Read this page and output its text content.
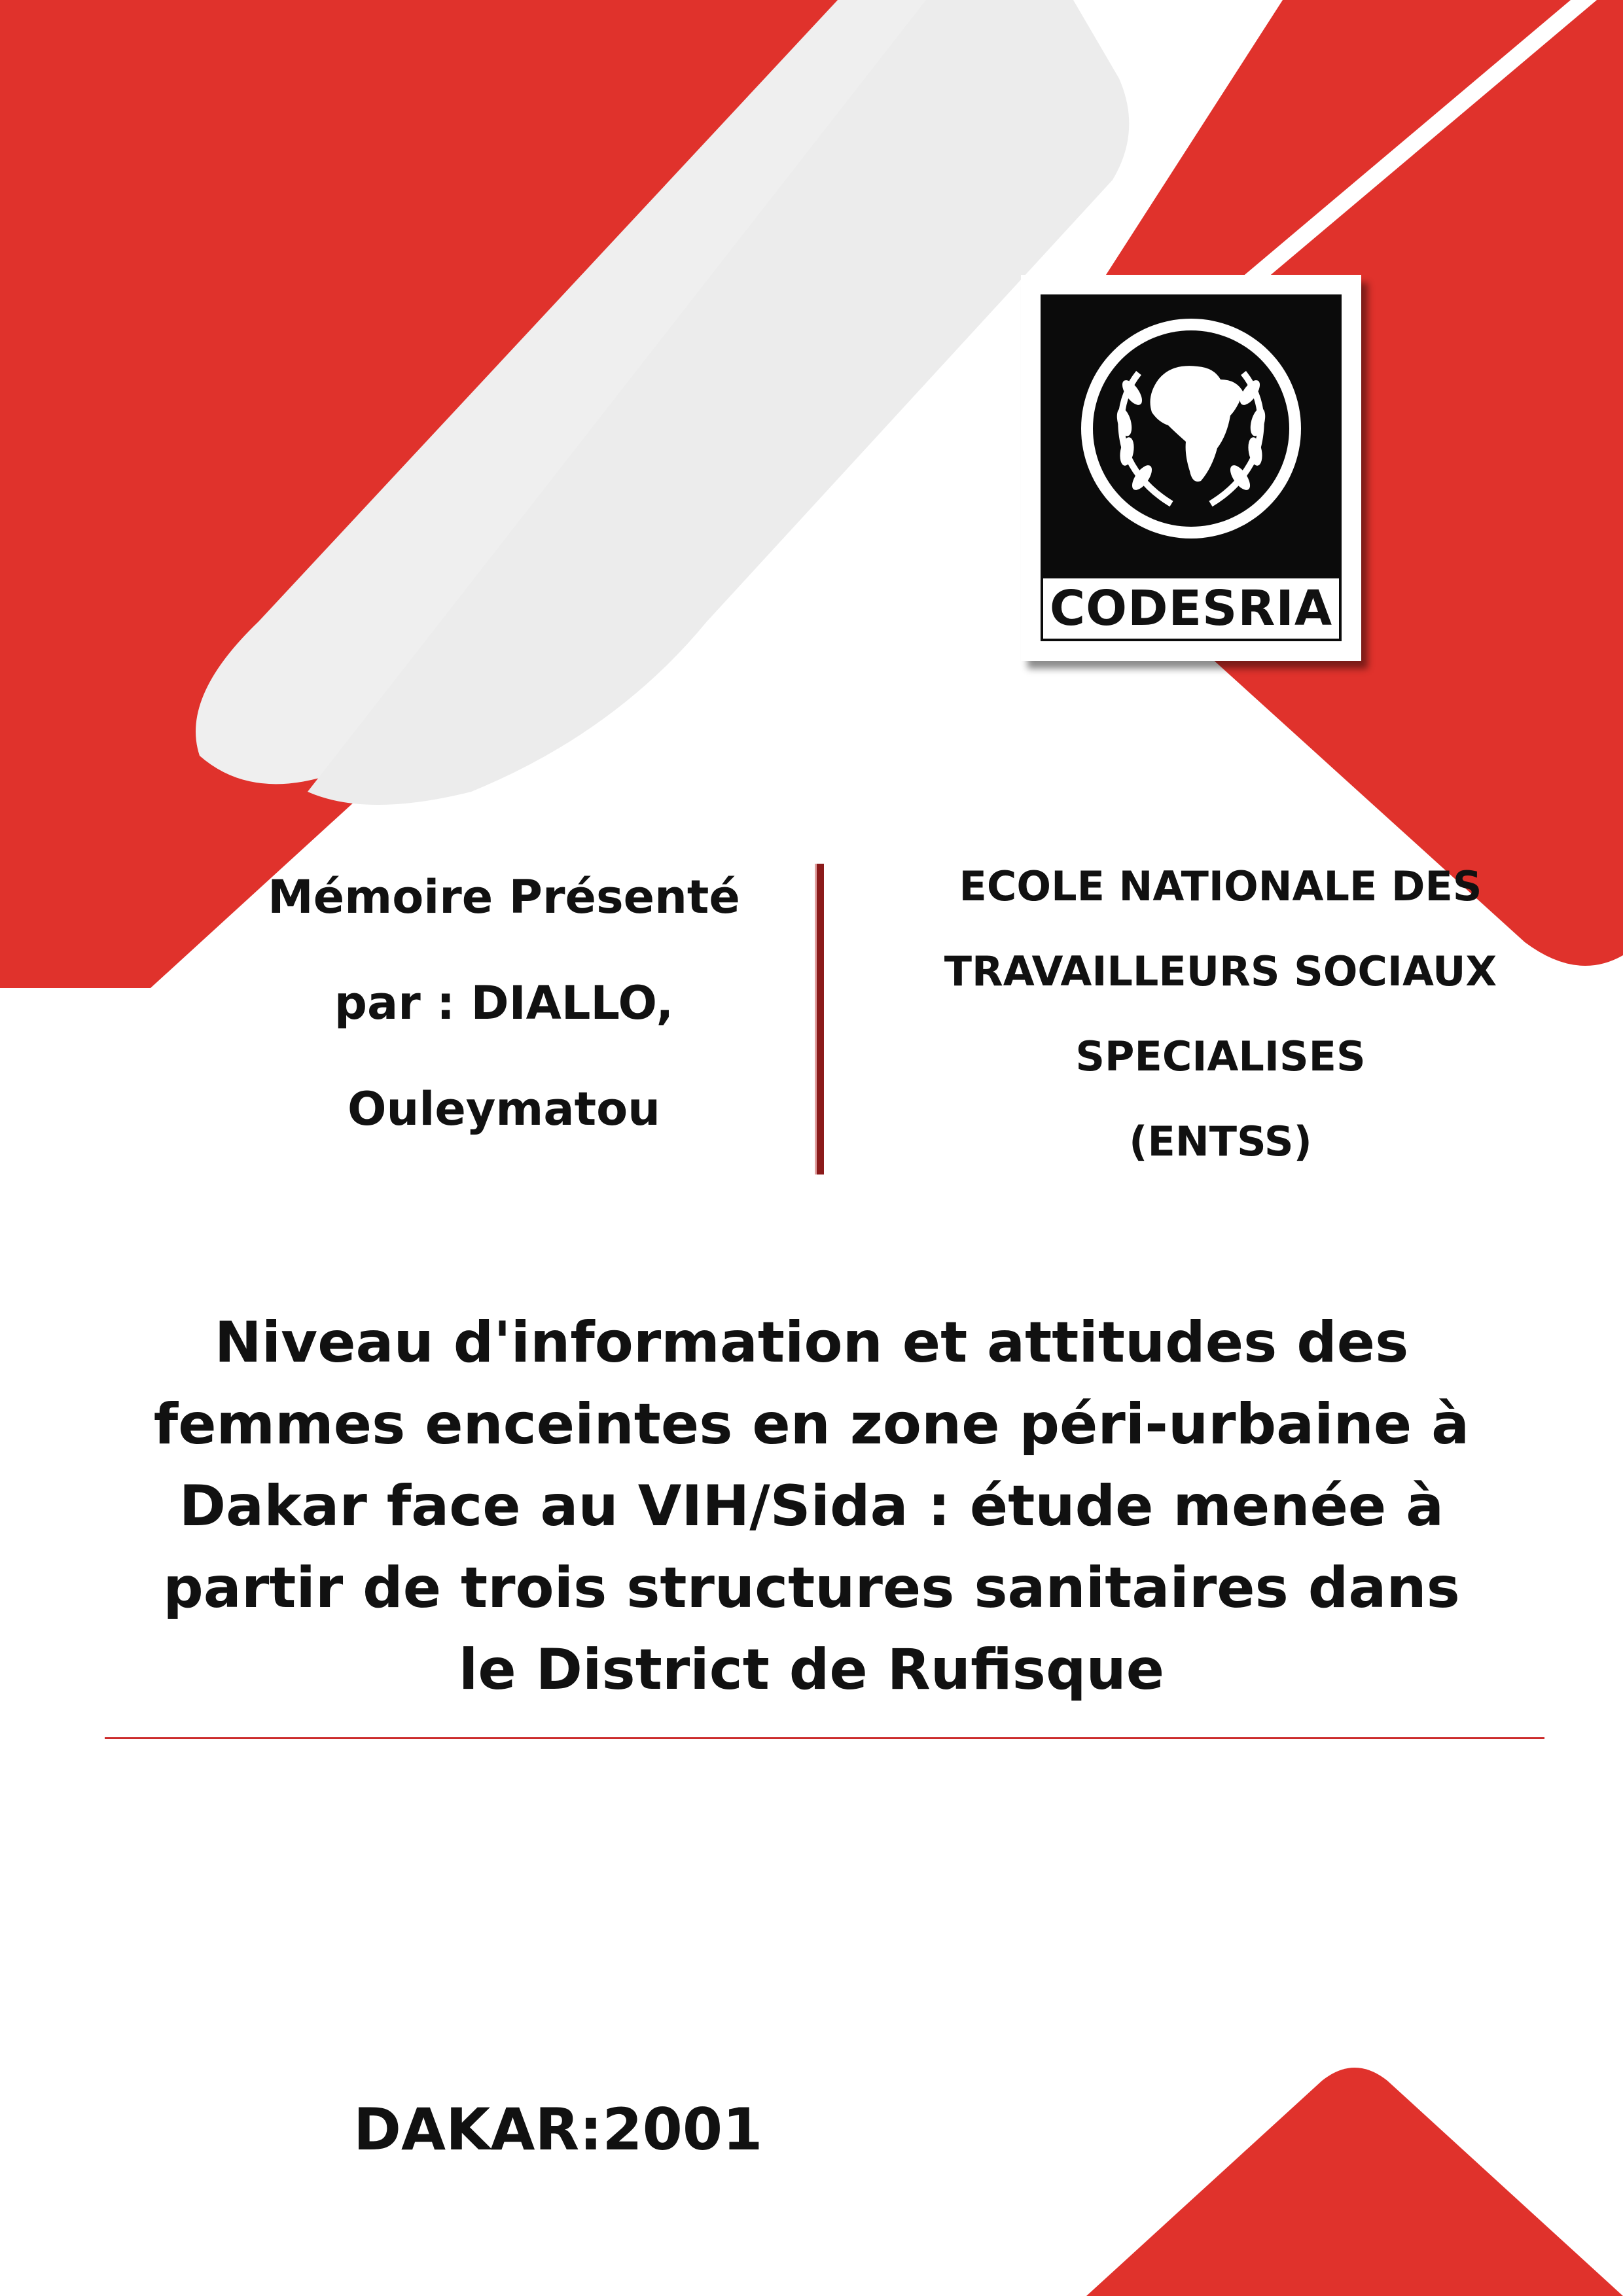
CODESRIA
Mémoire Présenté
par : DIALLO,
Ouleymatou
ECOLE NATIONALE DES
TRAVAILLEURS SOCIAUX
SPECIALISES
(ENTSS)
Niveau d'information et attitudes des
femmes enceintes en zone péri-urbaine à
Dakar face au VIH/Sida : étude menée à
partir de trois structures sanitaires dans
le District de Rufisque
DAKAR:2001
